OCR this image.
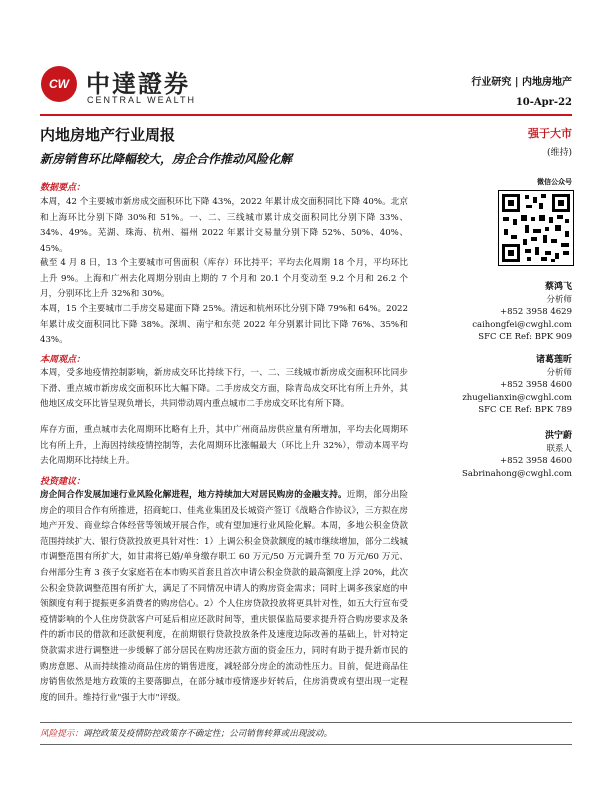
CW 中達證券
CENTRAL WEALTH
行业研究 | 内地房地产
10-Apr-22
内地房地产行业周报
新房销售环比降幅较大，房企合作推动风险化解
强于大市
(维持)
数据要点：
本周，42 个主要城市新房成交面积环比下降 43%，2022 年累计成交面积同比下降 40%。北京和上海环比分别下降 30%和 51%。一、二、三线城市累计成交面积同比分别下降 33%、34%、49%。芜湖、珠海、杭州、福州 2022 年累计交易量分别下降 52%、50%、40%、45%。
截至 4 月 8 日，13 个主要城市可售面积（库存）环比持平；平均去化周期 18 个月，平均环比上升 9%。上海和广州去化周期分别由上期的 7 个月和 20.1 个月变动至 9.2 个月和 26.2 个月，分别环比上升 32%和 30%。
本周，15 个主要城市二手房交易建面下降 25%。清远和杭州环比分别下降 79%和 64%。2022 年累计成交面积同比下降 38%。深圳、南宁和东莞 2022 年分别累计同比下降 76%、35%和 43%。
本周观点：
本周，受多地疫情控制影响，新房成交环比持续下行，一、二、三线城市新房成交面积环比同步下滑、重点城市新房成交面积环比大幅下降。二手房成交方面，除青岛成交环比有所上升外，其他地区成交环比皆呈现负增长，共同带动周内重点城市二手房成交环比有所下降。
库存方面，重点城市去化周期环比略有上升，其中广州商品房供应量有所增加，平均去化周期环比有所上升，上海因持续疫情控制等，去化周期环比涨幅最大（环比上升 32%），带动本周平均去化周期环比持续上升。
投资建议：
房企间合作发展加速行业风险化解进程，地方持续加大对居民购房的金融支持。近期，部分出险房企的项目合作有所推进，招商蛇口、佳兆业集团及长城资产签订《战略合作协议》，三方拟在房地产开发、商业综合体经营等领域开展合作，或有望加速行业风险化解。本周，多地公积金贷款范围持续扩大、银行贷款投放更具针对性：1）上调公积金贷款额度的城市继续增加，部分二线城市调整范围有所扩大，如甘肃将已婚/单身缴存职工 60 万元/50 万元调升至 70 万元/60 万元、台州部分生育 3 孩子女家庭若在本市购买首套且首次申请公积金贷款的最高额度上浮 20%，此次公积金贷款调整范围有所扩大，满足了不同情况申请人的购房资金需求；同时上调多孩家庭的申领额度有利于提振更多消费者的购房信心。2）个人住房贷款投放将更具针对性，如五大行宣布受疫情影响的个人住房贷款客户可延后相应还款时间等，重庆银保监局要求提升符合购房要求及条件的新市民的借款和还款便利度，在前期银行贷款投放条件及速度边际改善的基础上，针对特定贷款需求进行调整进一步缓解了部分居民在购房还款方面的资金压力，同时有助于提升新市民的购房意愿、从而持续推动商品住房的销售进度，减轻部分房企的流动性压力。目前，促进商品住房销售依然是地方政策的主要落脚点，在部分城市疫情逐步好转后，住房消费或有望出现一定程度的回升。维持行业"强于大市"评级。
风险提示：调控政策及疫情防控政策存不确定性；公司销售转算或出现波动。
微信公众号
蔡鸿飞
分析师
+852 3958 4629
caihongfei@cwghl.com
SFC CE Ref: BPK 909
诸葛莲昕
分析师
+852 3958 4600
zhugelianxin@cwghl.com
SFC CE Ref: BPK 789
洪宁蔚
联系人
+852 3958 4600
Sabrinahong@cwghl.com
